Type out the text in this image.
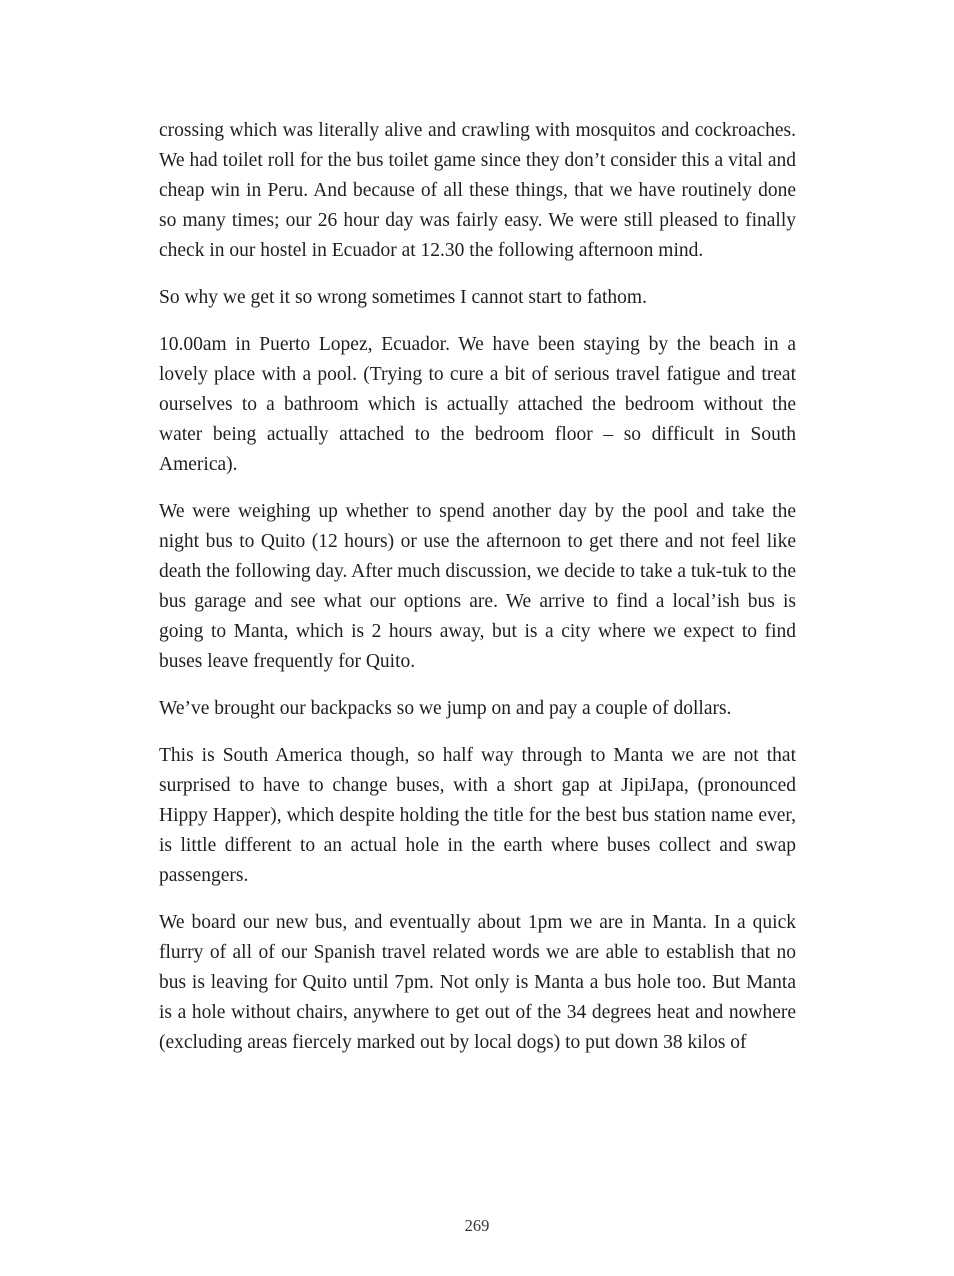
crossing which was literally alive and crawling with mosquitos and cockroaches. We had toilet roll for the bus toilet game since they don’t consider this a vital and cheap win in Peru. And because of all these things, that we have routinely done so many times; our 26 hour day was fairly easy. We were still pleased to finally check in our hostel in Ecuador at 12.30 the following afternoon mind.

So why we get it so wrong sometimes I cannot start to fathom.

10.00am in Puerto Lopez, Ecuador. We have been staying by the beach in a lovely place with a pool. (Trying to cure a bit of serious travel fatigue and treat ourselves to a bathroom which is actually attached the bedroom without the water being actually attached to the bedroom floor – so difficult in South America).

We were weighing up whether to spend another day by the pool and take the night bus to Quito (12 hours) or use the afternoon to get there and not feel like death the following day. After much discussion, we decide to take a tuk-tuk to the bus garage and see what our options are. We arrive to find a local’ish bus is going to Manta, which is 2 hours away, but is a city where we expect to find buses leave frequently for Quito.

We’ve brought our backpacks so we jump on and pay a couple of dollars.

This is South America though, so half way through to Manta we are not that surprised to have to change buses, with a short gap at JipiJapa, (pronounced Hippy Happer), which despite holding the title for the best bus station name ever, is little different to an actual hole in the earth where buses collect and swap passengers.

We board our new bus, and eventually about 1pm we are in Manta. In a quick flurry of all of our Spanish travel related words we are able to establish that no bus is leaving for Quito until 7pm. Not only is Manta a bus hole too. But Manta is a hole without chairs, anywhere to get out of the 34 degrees heat and nowhere (excluding areas fiercely marked out by local dogs) to put down 38 kilos of

269
